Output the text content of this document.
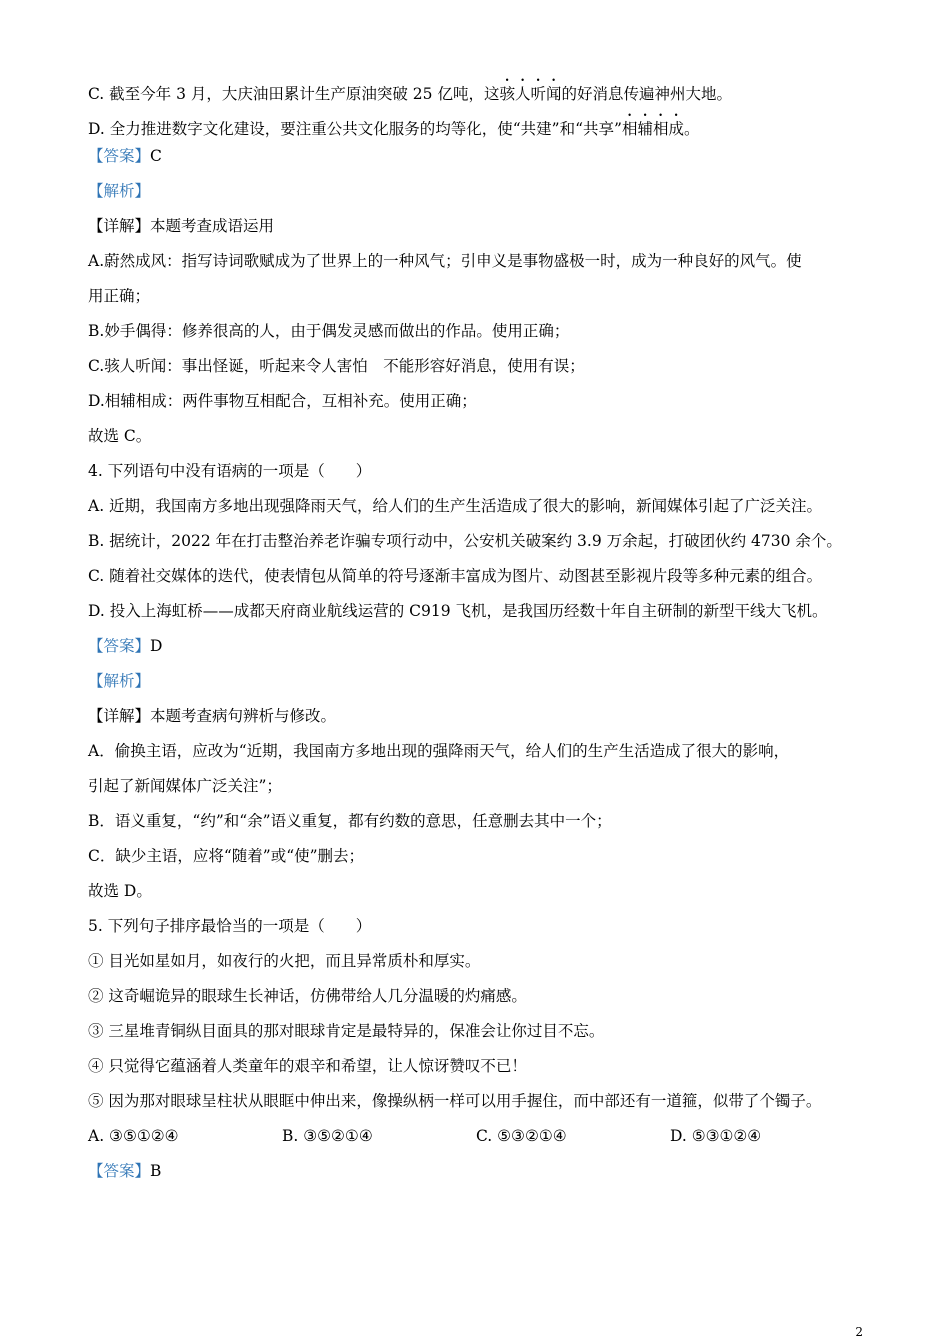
C. 截至今年 3 月，大庆油田累计生产原油突破 25 亿吨，这骇人听闻的好消息传遍神州大地。
D. 全力推进数字文化建设，要注重公共文化服务的均等化，使“共建”和“共享”相辅相成。
【答案】C
【解析】
【详解】本题考查成语运用
A.蔚然成风：指写诗词歌赋成为了世界上的一种风气；引申义是事物盛极一时，成为一种良好的风气。使
用正确；
B.妙手偶得：修养很高的人，由于偶发灵感而做出的作品。使用正确；
C.骇人听闻：事出怪诞，听起来令人害怕　不能形容好消息，使用有误；
D.相辅相成：两件事物互相配合，互相补充。使用正确；
故选 C。
4. 下列语句中没有语病的一项是（　　）
A. 近期，我国南方多地出现强降雨天气，给人们的生产生活造成了很大的影响，新闻媒体引起了广泛关注。
B. 据统计，2022 年在打击整治养老诈骗专项行动中，公安机关破案约 3.9 万余起，打破团伙约 4730 余个。
C. 随着社交媒体的迭代，使表情包从简单的符号逐渐丰富成为图片、动图甚至影视片段等多种元素的组合。
D. 投入上海虹桥——成都天府商业航线运营的 C919 飞机，是我国历经数十年自主研制的新型干线大飞机。
【答案】D
【解析】
【详解】本题考查病句辨析与修改。
A．偷换主语，应改为“近期，我国南方多地出现的强降雨天气，给人们的生产生活造成了很大的影响，
引起了新闻媒体广泛关注”；
B．语义重复，“约”和“余”语义重复，都有约数的意思，任意删去其中一个；
C．缺少主语，应将“随着”或“使”删去；
故选 D。
5. 下列句子排序最恰当的一项是（　　）
① 目光如星如月，如夜行的火把，而且异常质朴和厚实。
② 这奇崛诡异的眼球生长神话，仿佛带给人几分温暖的灼痛感。
③ 三星堆青铜纵目面具的那对眼球肯定是最特异的，保准会让你过目不忘。
④ 只觉得它蕴涵着人类童年的艰辛和希望，让人惊讶赞叹不已！
⑤ 因为那对眼球呈柱状从眼眶中伸出来，像操纵柄一样可以用手握住，而中部还有一道箍，似带了个镯子。
A. ③⑤①②④	B. ③⑤②①④	C. ⑤③②①④	D. ⑤③①②④
【答案】B
2
